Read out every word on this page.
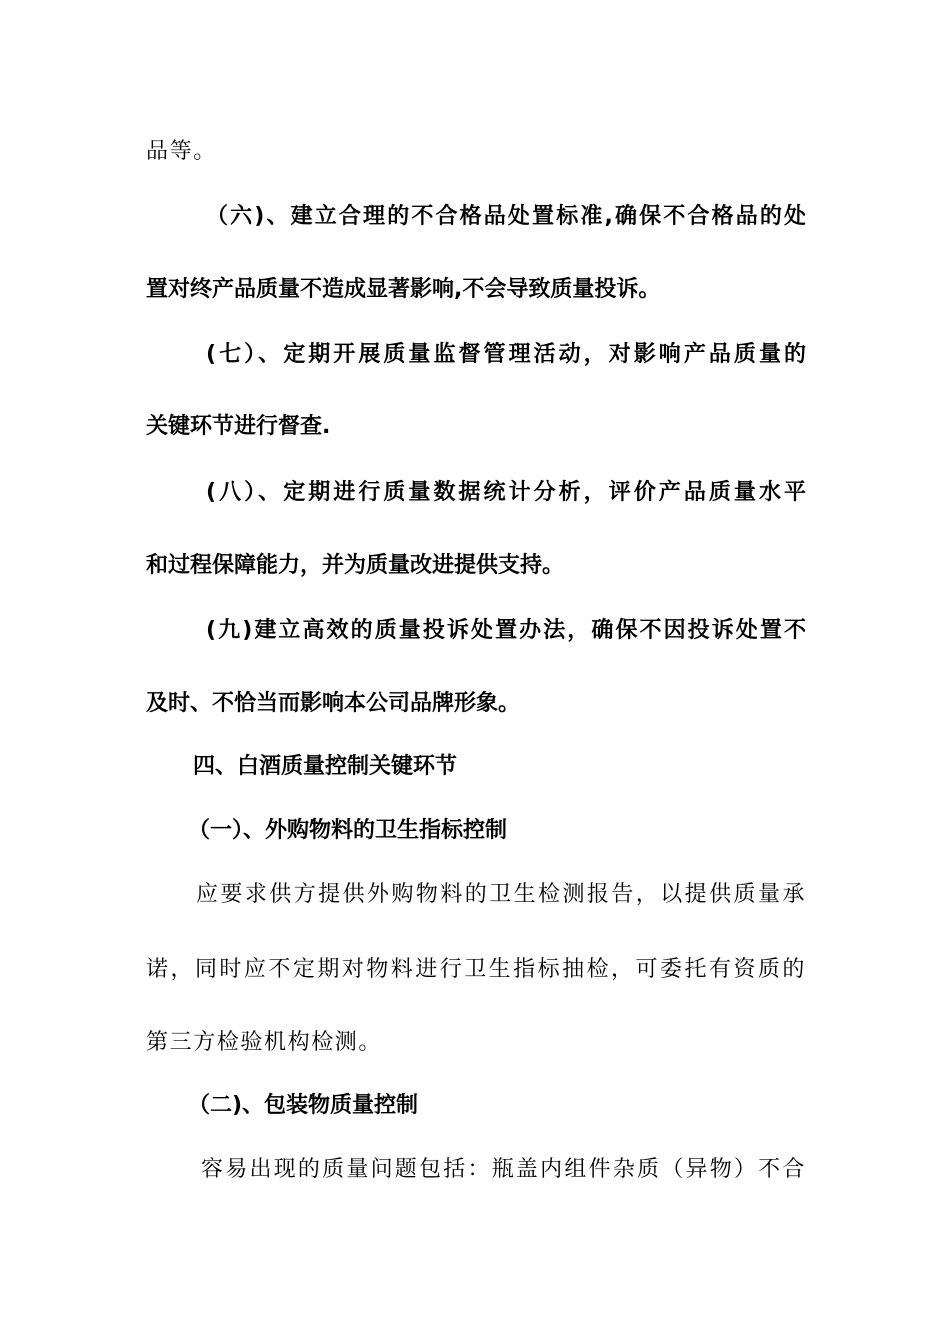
品等。
（六)、建立合理的不合格品处置标准,确保不合格品的处
置对终产品质量不造成显著影响,不会导致质量投诉。
(七）、定期开展质量监督管理活动，对影响产品质量的
关键环节进行督查.
(八）、定期进行质量数据统计分析，评价产品质量水平
和过程保障能力，并为质量改进提供支持。
(九)建立高效的质量投诉处置办法，确保不因投诉处置不
及时、不恰当而影响本公司品牌形象。
四、白酒质量控制关键环节
（一）、外购物料的卫生指标控制
应要求供方提供外购物料的卫生检测报告，以提供质量承
诺，同时应不定期对物料进行卫生指标抽检，可委托有资质的
第三方检验机构检测。
（二)、包装物质量控制
容易出现的质量问题包括：瓶盖内组件杂质（异物）不合
